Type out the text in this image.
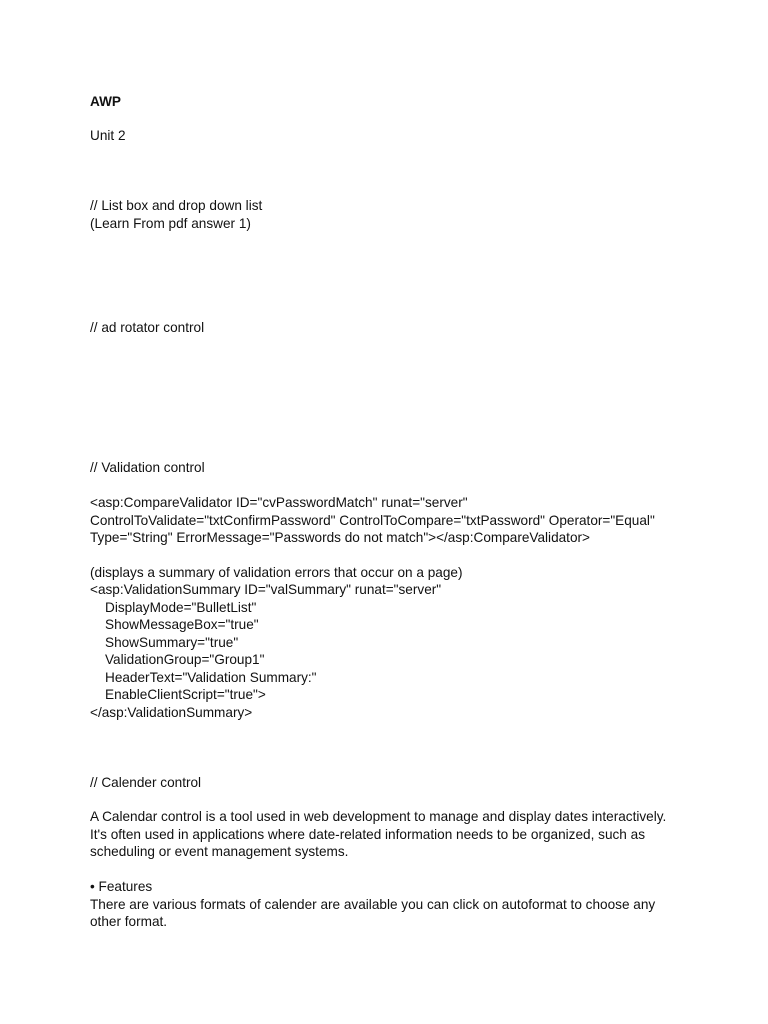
AWP

Unit 2

// List box and drop down list

(Learn From pdf answer 1)

// ad rotator control

// Validation control

<asp:CompareValidator ID="cvPasswordMatch" runat="server"

ControlToValidate="txtConfirmPassword" ControlToCompare="txtPassword" Operator="Equal"

Type="String" ErrorMessage="Passwords do not match"></asp:CompareValidator>

(displays a summary of validation errors that occur on a page)

<asp:ValidationSummary ID="valSummary" runat="server"

DisplayMode="BulletList"

ShowMessageBox="true"

ShowSummary="true"

ValidationGroup="Group1"

HeaderText="Validation Summary:"

EnableClientScript="true">

</asp:ValidationSummary>

// Calender control

A Calendar control is a tool used in web development to manage and display dates interactively.

It's often used in applications where date-related information needs to be organized, such as

scheduling or event management systems.

• Features

There are various formats of calender are available you can click on autoformat to choose any

other format.
